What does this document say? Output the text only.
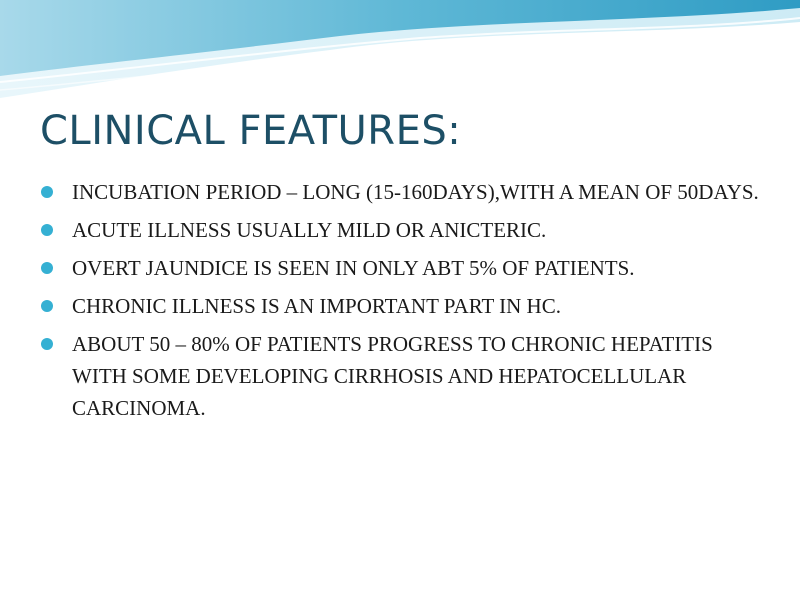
CLINICAL FEATURES:
INCUBATION PERIOD – LONG (15-160DAYS),WITH A MEAN OF 50DAYS.
ACUTE ILLNESS USUALLY MILD OR ANICTERIC.
OVERT JAUNDICE IS SEEN IN ONLY ABT 5% OF PATIENTS.
CHRONIC ILLNESS IS AN IMPORTANT PART IN HC.
ABOUT 50 – 80% OF PATIENTS PROGRESS TO CHRONIC HEPATITIS WITH SOME DEVELOPING CIRRHOSIS AND HEPATOCELLULAR CARCINOMA.
